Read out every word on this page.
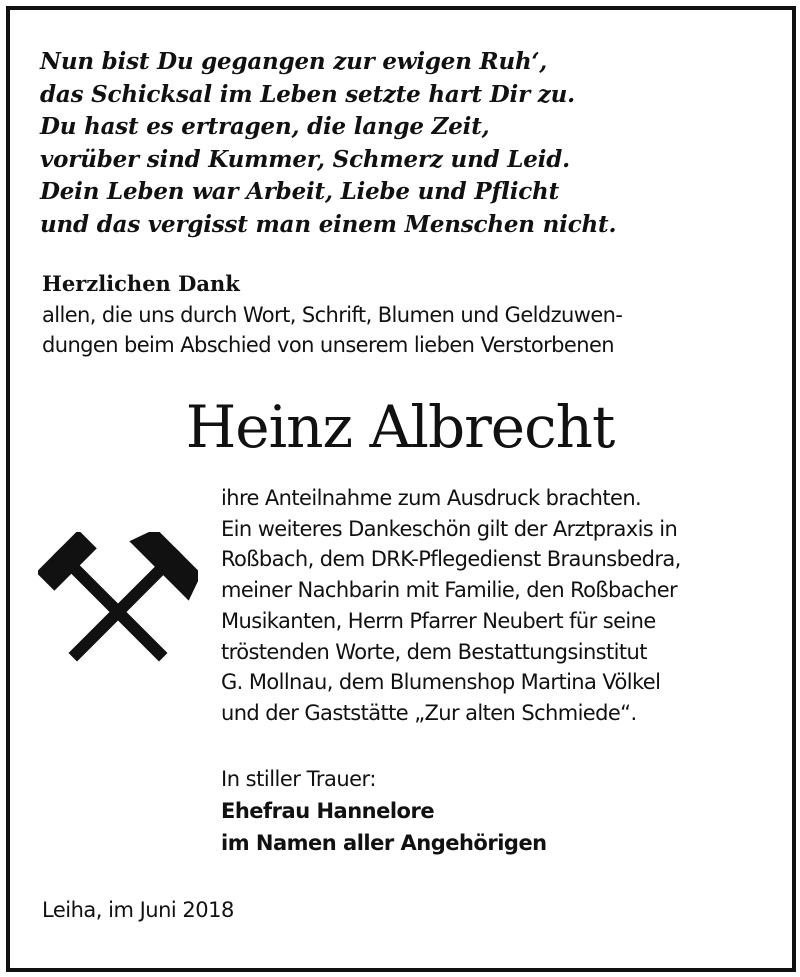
Nun bist Du gegangen zur ewigen Ruh‘,
das Schicksal im Leben setzte hart Dir zu.
Du hast es ertragen, die lange Zeit,
vorüber sind Kummer, Schmerz und Leid.
Dein Leben war Arbeit, Liebe und Pflicht
und das vergisst man einem Menschen nicht.
Herzlichen Dank
allen, die uns durch Wort, Schrift, Blumen und Geldzuwen-
dungen beim Abschied von unserem lieben Verstorbenen
Heinz Albrecht
ihre Anteilnahme zum Ausdruck brachten.
Ein weiteres Dankeschön gilt der Arztpraxis in
Roßbach, dem DRK-Pflegedienst Braunsbedra,
meiner Nachbarin mit Familie, den Roßbacher
Musikanten, Herrn Pfarrer Neubert für seine
tröstenden Worte, dem Bestattungsinstitut
G. Mollnau, dem Blumenshop Martina Völkel
und der Gaststätte „Zur alten Schmiede“.
In stiller Trauer:
Ehefrau Hannelore
im Namen aller Angehörigen
Leiha, im Juni 2018
